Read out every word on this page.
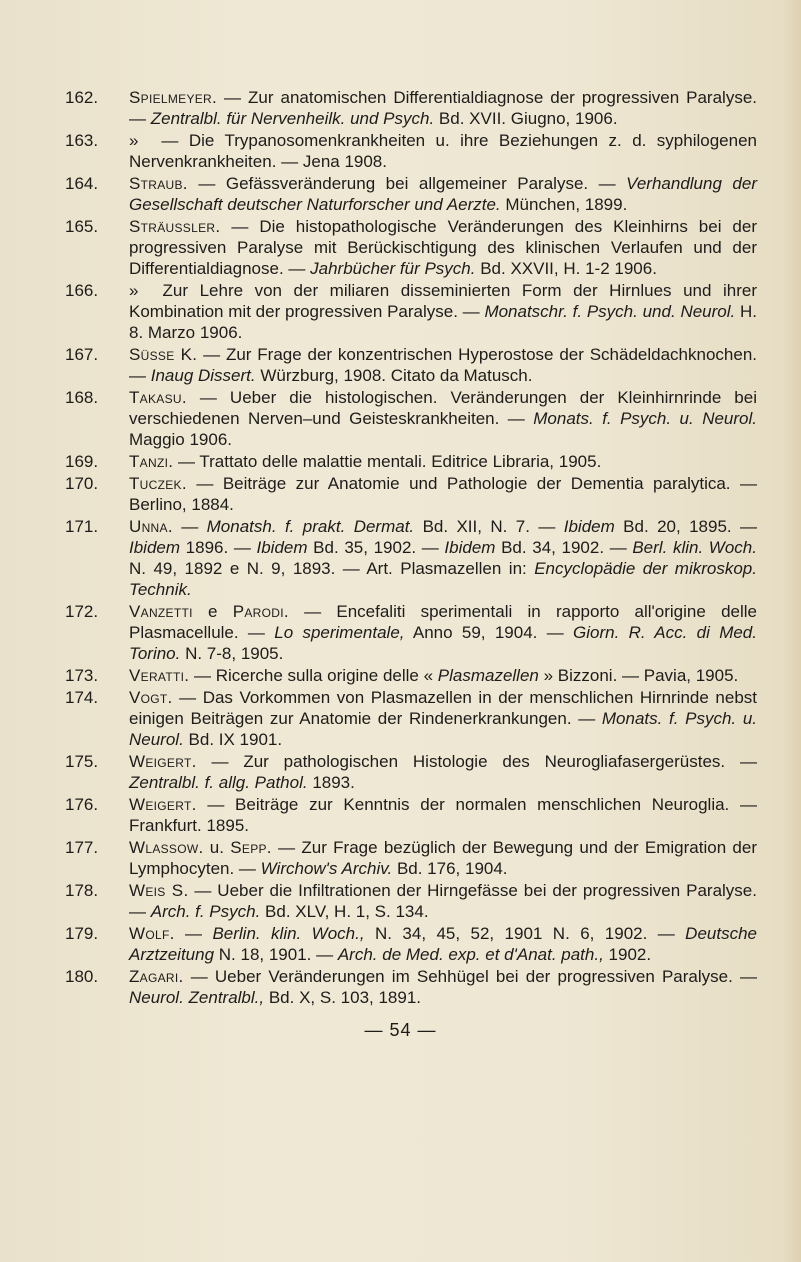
162.	Spielmeyer. — Zur anatomischen Differentialdiagnose der progressiven Paralyse. — Zentralbl. für Nervenheilk. und Psych. Bd. XVII. Giugno, 1906.
163.	» — Die Trypanosomenkrankheiten u. ihre Beziehungen z. d. syphilogenen Nervenkrankheiten. — Jena 1908.
164.	Straub. — Gefässveränderung bei allgemeiner Paralyse. — Verhandlung der Gesellschaft deutscher Naturforscher und Aerzte. München, 1899.
165.	Sträussler. — Die histopathologische Veränderungen des Kleinhirns bei der progressiven Paralyse mit Berückischtigung des klinischen Verlaufen und der Differentialdiagnose. — Jahrbücher für Psych. Bd. XXVII, H. 1-2 1906.
166.	» Zur Lehre von der miliaren disseminierten Form der Hirnlues und ihrer Kombination mit der progressiven Paralyse. — Monatschr. f. Psych. und. Neurol. H. 8. Marzo 1906.
167.	Süsse K. — Zur Frage der konzentrischen Hyperostose der Schädeldachknochen. — Inaug Dissert. Würzburg, 1908. Citato da Matusch.
168.	Takasu. — Ueber die histologischen. Veränderungen der Kleinhirnrinde bei verschiedenen Nerven–und Geisteskrankheiten. — Monats. f. Psych. u. Neurol. Maggio 1906.
169.	Tanzi. — Trattato delle malattie mentali. Editrice Libraria, 1905.
170.	Tuczek. — Beiträge zur Anatomie und Pathologie der Dementia paralytica. — Berlino, 1884.
171.	Unna. — Monatsh. f. prakt. Dermat. Bd. XII, N. 7. — Ibidem Bd. 20, 1895. — Ibidem 1896. — Ibidem Bd. 35, 1902. — Ibidem Bd. 34, 1902. — Berl. klin. Woch. N. 49, 1892 e N. 9, 1893. — Art. Plasmazellen in: Encyclopädie der mikroskop. Technik.
172.	Vanzetti e Parodi. — Encefaliti sperimentali in rapporto all'origine delle Plasmacellule. — Lo sperimentale, Anno 59, 1904. — Giorn. R. Acc. di Med. Torino. N. 7-8, 1905.
173.	Veratti. — Ricerche sulla origine delle « Plasmazellen » Bizzoni. — Pavia, 1905.
174.	Vogt. — Das Vorkommen von Plasmazellen in der menschlichen Hirnrinde nebst einigen Beiträgen zur Anatomie der Rindenerkrankungen. — Monats. f. Psych. u. Neurol. Bd. IX 1901.
175.	Weigert. — Zur pathologischen Histologie des Neurogliafasergerüstes. — Zentralbl. f. allg. Pathol. 1893.
176.	Weigert. — Beiträge zur Kenntnis der normalen menschlichen Neuroglia. — Frankfurt. 1895.
177.	Wlassow. u. Sepp. — Zur Frage bezüglich der Bewegung und der Emigration der Lymphocyten. — Wirchow's Archiv. Bd. 176, 1904.
178.	Weis S. — Ueber die Infiltrationen der Hirngefässe bei der progressiven Paralyse. — Arch. f. Psych. Bd. XLV, H. 1, S. 134.
179.	Wolf. — Berlin. klin. Woch., N. 34, 45, 52, 1901 N. 6, 1902. — Deutsche Arztzeitung N. 18, 1901. — Arch. de Med. exp. et d'Anat. path., 1902.
180.	Zagari. — Ueber Veränderungen im Sehhügel bei der progressiven Paralyse. — Neurol. Zentralbl., Bd. X, S. 103, 1891.
— 54 —
